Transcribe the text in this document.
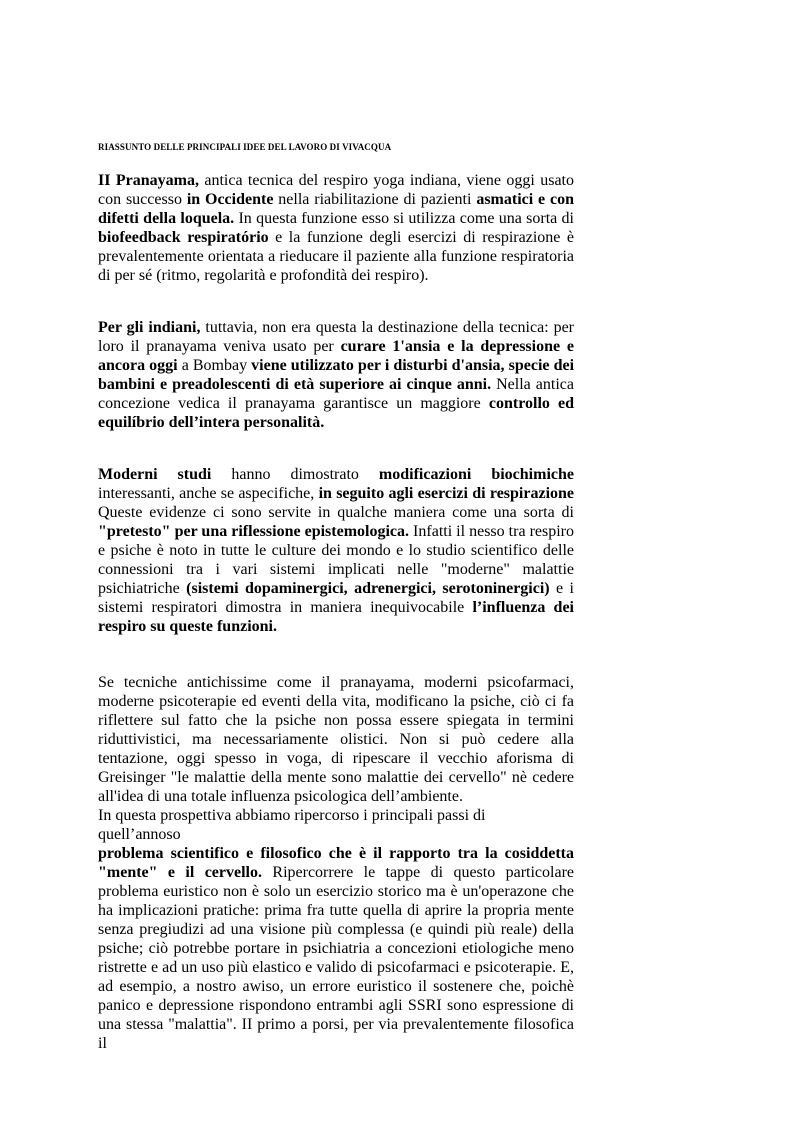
RIASSUNTO DELLE PRINCIPALI IDEE DEL LAVORO DI VIVACQUA
II Pranayama, antica tecnica del respiro yoga indiana, viene oggi usato con successo in Occidente nella riabilitazione di pazienti asmatici e con difetti della loquela. In questa funzione esso si utilizza come una sorta di biofeedback respiratório e la funzione degli esercizi di respirazione è prevalentemente orientata a rieducare il paziente alla funzione respiratoria di per sé (ritmo, regolarità e profondità dei respiro).
Per gli indiani, tuttavia, non era questa la destinazione della tecnica: per loro il pranayama veniva usato per curare 1'ansia e la depressione e ancora oggi a Bombay viene utilizzato per i disturbi d'ansia, specie dei bambini e preadolescenti di età superiore ai cinque anni. Nella antica concezione vedica il pranayama garantisce un maggiore controllo ed equilíbrio dell’intera personalità.
Moderni studi hanno dimostrato modificazioni biochimiche interessanti, anche se aspecifiche, in seguito agli esercizi di respirazione Queste evidenze ci sono servite in qualche maniera come una sorta di "pretesto" per una riflessione epistemologica. Infatti il nesso tra respiro e psiche è noto in tutte le culture dei mondo e lo studio scientifico delle connessioni tra i vari sistemi implicati nelle "moderne" malattie psichiatriche (sistemi dopaminergici, adrenergici, serotoninergici) e i sistemi respiratori dimostra in maniera inequivocabile l’influenza dei respiro su queste funzioni.
Se tecniche antichissime come il pranayama, moderni psicofarmaci, moderne psicoterapie ed eventi della vita, modificano la psiche, ciò ci fa riflettere sul fatto che la psiche non possa essere spiegata in termini riduttivistici, ma necessariamente olistici. Non si può cedere alla tentazione, oggi spesso in voga, di ripescare il vecchio aforisma di Greisinger "le malattie della mente sono malattie dei cervello" nè cedere all'idea di una totale influenza psicologica dell’ambiente.
In questa prospettiva abbiamo ripercorso i principali passi di
quell’annoso
problema scientifico e filosofico che è il rapporto tra la cosiddetta "mente" e il cervello. Ripercorrere le tappe di questo particolare problema euristico non è solo un esercizio storico ma è un'operazone che ha implicazioni pratiche: prima fra tutte quella di aprire la propria mente senza pregiudizi ad una visione più complessa (e quindi più reale) della psiche; ciò potrebbe portare in psichiatria a concezioni etiologiche meno ristrette e ad un uso più elastico e valido di psicofarmaci e psicoterapie. E, ad esempio, a nostro awiso, un errore euristico il sostenere che, poichè panico e depressione rispondono entrambi agli SSRI sono espressione di una stessa "malattia". II primo a porsi, per via prevalentemente filosofica il
